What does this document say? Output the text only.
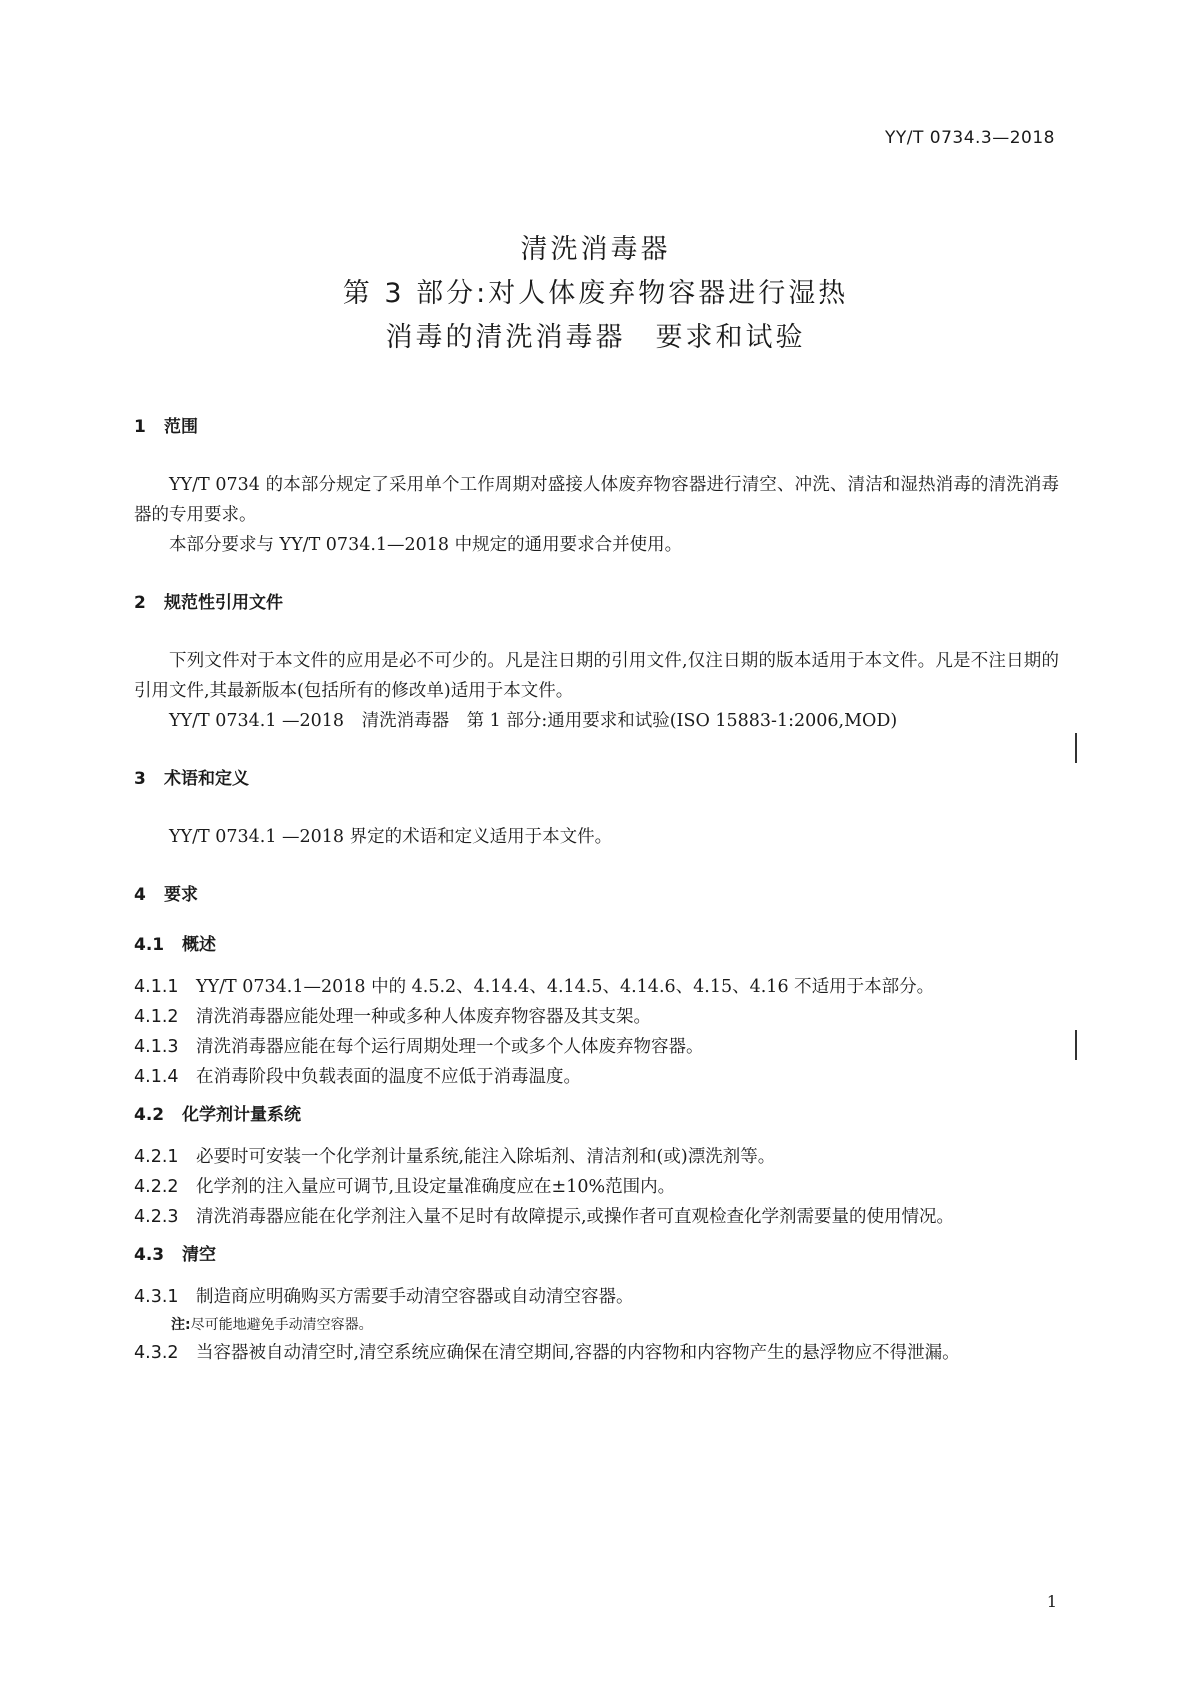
YY/T 0734.3—2018
清洗消毒器
第 3 部分:对人体废弃物容器进行湿热
消毒的清洗消毒器　要求和试验
1 范围

YY/T 0734 的本部分规定了采用单个工作周期对盛接人体废弃物容器进行清空、冲洗、清洁和湿热消毒的清洗消毒器的专用要求。

本部分要求与 YY/T 0734.1—2018 中规定的通用要求合并使用。

2 规范性引用文件

下列文件对于本文件的应用是必不可少的。凡是注日期的引用文件,仅注日期的版本适用于本文件。凡是不注日期的引用文件,其最新版本(包括所有的修改单)适用于本文件。

YY/T 0734.1 —2018　清洗消毒器　第 1 部分:通用要求和试验(ISO 15883-1:2006,MOD)

3 术语和定义

YY/T 0734.1 —2018 界定的术语和定义适用于本文件。

4 要求
4.1 概述

4.1.1 YY/T 0734.1—2018 中的 4.5.2、4.14.4、4.14.5、4.14.6、4.15、4.16 不适用于本部分。

4.1.2 清洗消毒器应能处理一种或多种人体废弃物容器及其支架。

4.1.3 清洗消毒器应能在每个运行周期处理一个或多个人体废弃物容器。

4.1.4 在消毒阶段中负载表面的温度不应低于消毒温度。

4.2 化学剂计量系统

4.2.1 必要时可安装一个化学剂计量系统,能注入除垢剂、清洁剂和(或)漂洗剂等。

4.2.2 化学剂的注入量应可调节,且设定量准确度应在±10%范围内。

4.2.3 清洗消毒器应能在化学剂注入量不足时有故障提示,或操作者可直观检查化学剂需要量的使用情况。

4.3 清空

4.3.1 制造商应明确购买方需要手动清空容器或自动清空容器。

注:尽可能地避免手动清空容器。

4.3.2 当容器被自动清空时,清空系统应确保在清空期间,容器的内容物和内容物产生的悬浮物应不得泄漏。

1
